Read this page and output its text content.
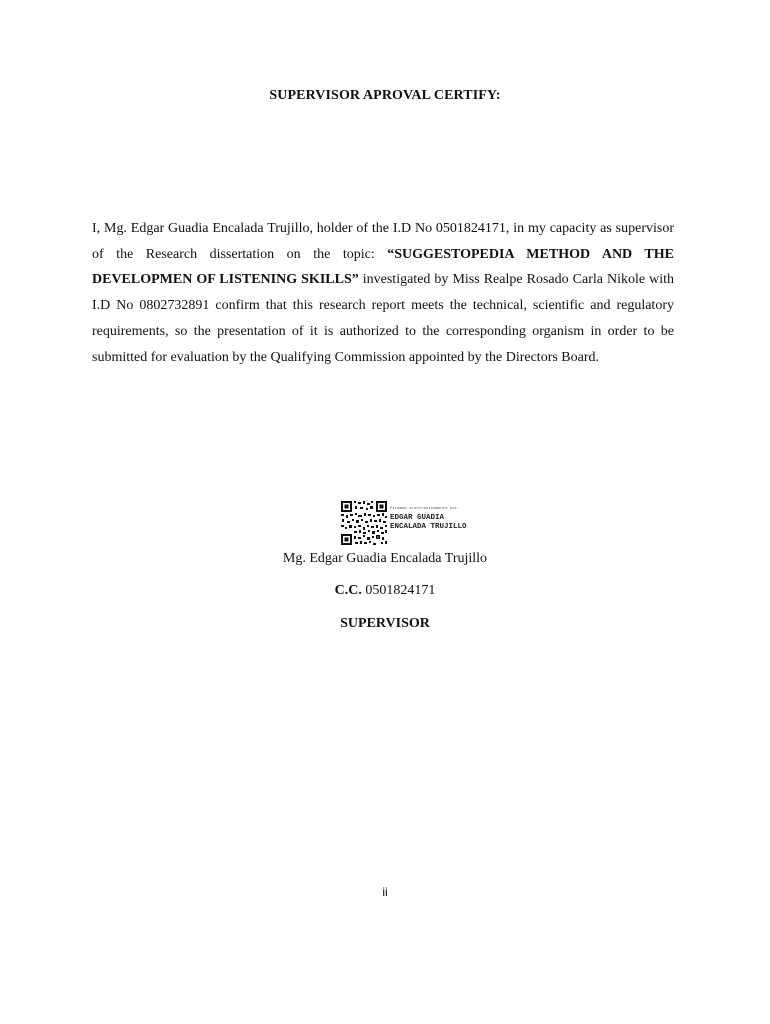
SUPERVISOR APROVAL CERTIFY:
I, Mg. Edgar Guadia Encalada Trujillo, holder of the I.D No 0501824171, in my capacity as supervisor of the Research dissertation on the topic: “SUGGESTOPEDIA METHOD AND THE DEVELOPMEN OF LISTENING SKILLS” investigated by Miss Realpe Rosado Carla Nikole with I.D No 0802732891 confirm that this research report meets the technical, scientific and regulatory requirements, so the presentation of it is authorized to the corresponding organism in order to be submitted for evaluation by the Qualifying Commission appointed by the Directors Board.
Firmado electrónicamente por:
EDGAR GUADIA
ENCALADA TRUJILLO
Mg. Edgar Guadia Encalada Trujillo
C.C. 0501824171
SUPERVISOR
ii
